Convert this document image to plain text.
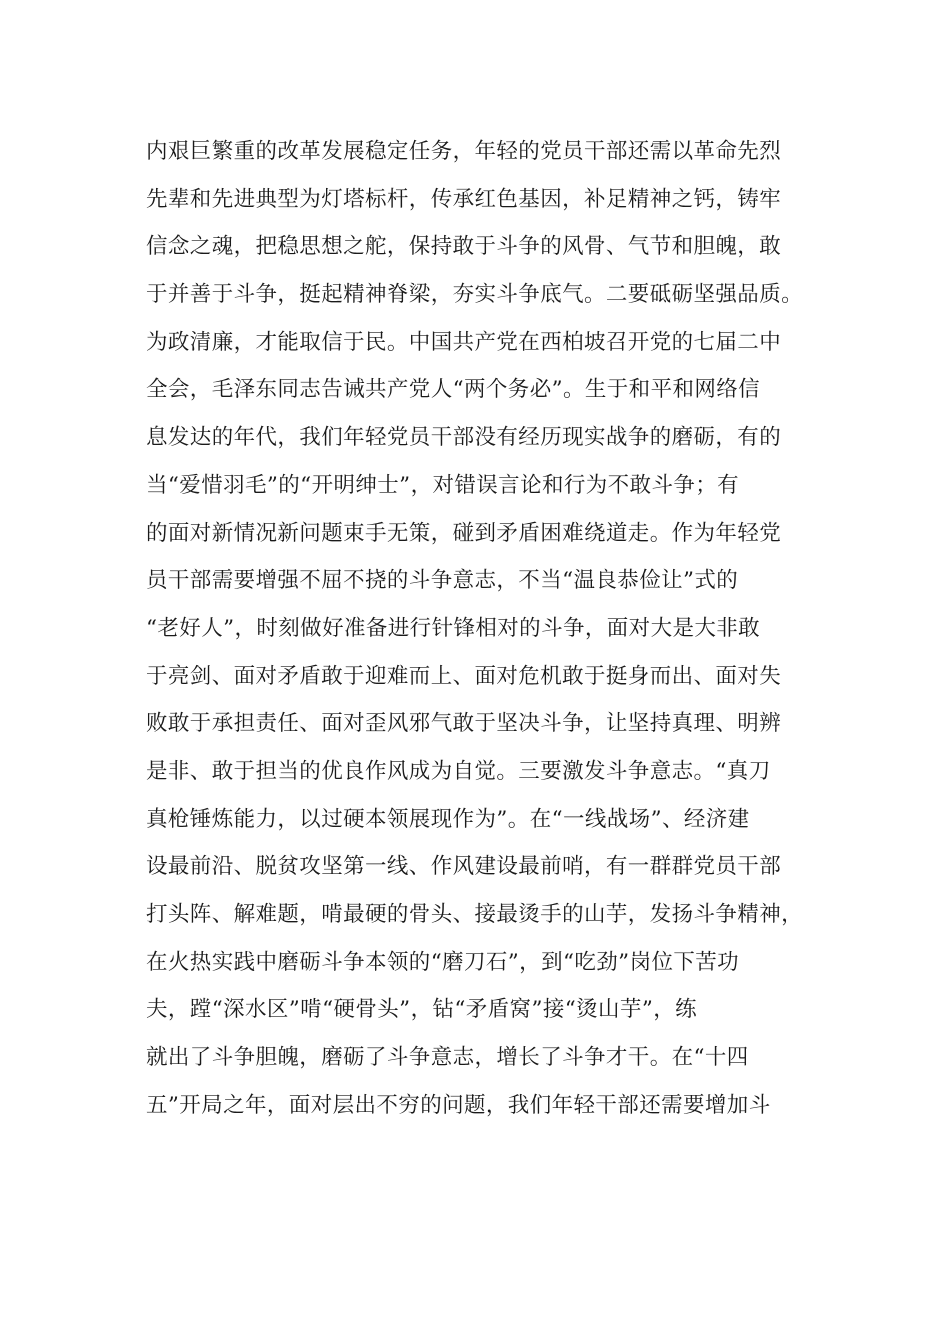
内艰巨繁重的改革发展稳定任务，年轻的党员干部还需以革命先烈
先辈和先进典型为灯塔标杆，传承红色基因，补足精神之钙，铸牢
信念之魂，把稳思想之舵，保持敢于斗争的风骨、气节和胆魄，敢
于并善于斗争，挺起精神脊梁，夯实斗争底气。二要砥砺坚强品质。
为政清廉，才能取信于民。中国共产党在西柏坡召开党的七届二中
全会，毛泽东同志告诫共产党人“两个务必”。生于和平和网络信
息发达的年代，我们年轻党员干部没有经历现实战争的磨砺，有的
当“爱惜羽毛”的“开明绅士”，对错误言论和行为不敢斗争；有
的面对新情况新问题束手无策，碰到矛盾困难绕道走。作为年轻党
员干部需要增强不屈不挠的斗争意志，不当“温良恭俭让”式的
“老好人”，时刻做好准备进行针锋相对的斗争，面对大是大非敢
于亮剑、面对矛盾敢于迎难而上、面对危机敢于挺身而出、面对失
败敢于承担责任、面对歪风邪气敢于坚决斗争，让坚持真理、明辨
是非、敢于担当的优良作风成为自觉。三要激发斗争意志。“真刀
真枪锤炼能力，以过硬本领展现作为”。在“一线战场”、经济建
设最前沿、脱贫攻坚第一线、作风建设最前哨，有一群群党员干部
打头阵、解难题，啃最硬的骨头、接最烫手的山芋，发扬斗争精神，
在火热实践中磨砺斗争本领的“磨刀石”，到“吃劲”岗位下苦功
夫，蹚“深水区”啃“硬骨头”，钻“矛盾窝”接“烫山芋”，练
就出了斗争胆魄，磨砺了斗争意志，增长了斗争才干。在“十四
五”开局之年，面对层出不穷的问题，我们年轻干部还需要增加斗
